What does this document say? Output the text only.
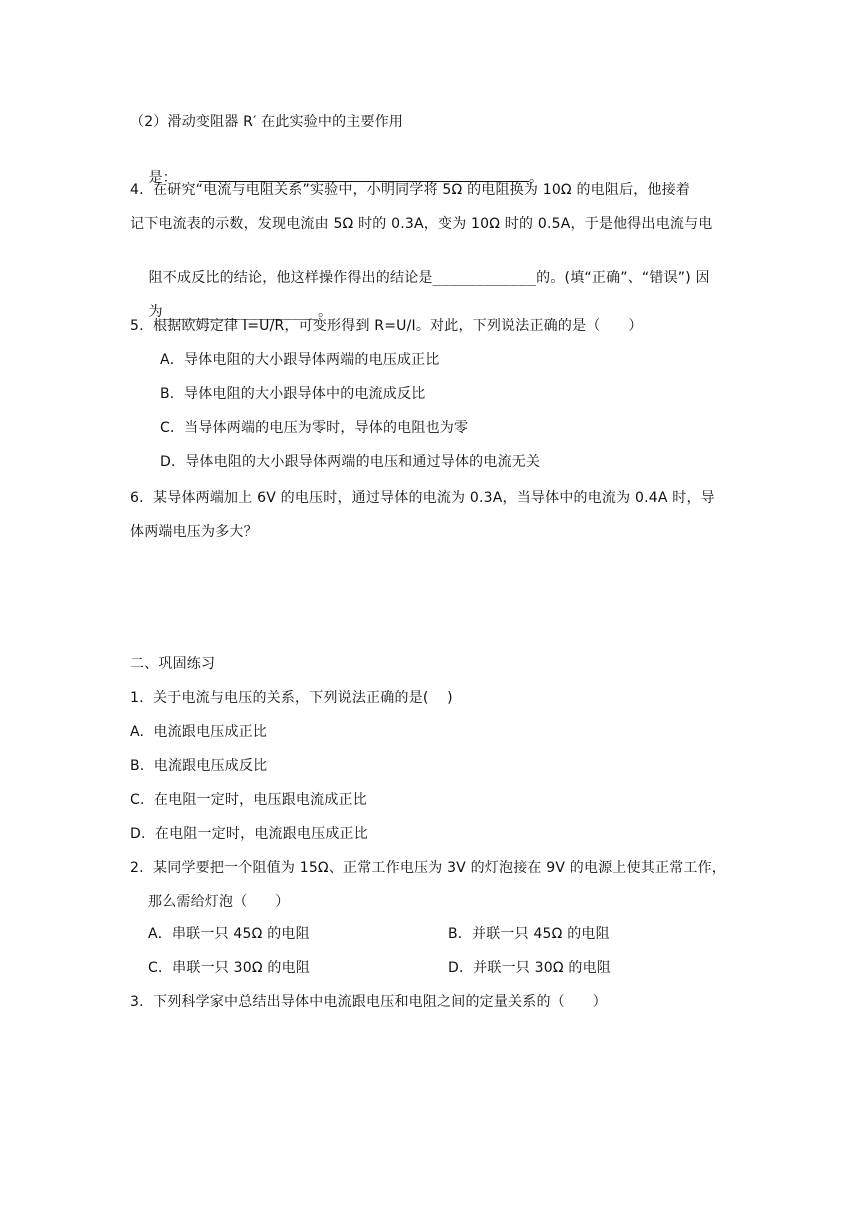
（2）滑动变阻器 R′ 在此实验中的主要作用

是：	。

4.  在研究“电流与电阻关系”实验中，小明同学将 5Ω 的电阻换为 10Ω 的电阻后，他接着
记下电流表的示数，发现电流由 5Ω 时的 0.3A，变为 10Ω 时的 0.5A，于是他得出电流与电

阻不成反比的结论，他这样操作得出的结论是____________的。(填“正确”、“错误”) 因

为__________________。

5.  根据欧姆定律 I=U/R，可变形得到 R=U/I。对此，下列说法正确的是（      ）
A．导体电阻的大小跟导体两端的电压成正比
B．导体电阻的大小跟导体中的电流成反比
C．当导体两端的电压为零时，导体的电阻也为零
D．导体电阻的大小跟导体两端的电压和通过导体的电流无关
6.  某导体两端加上 6V 的电压时，通过导体的电流为 0.3A，当导体中的电流为 0.4A 时，导
体两端电压为多大？
二、巩固练习
1.  关于电流与电压的关系，下列说法正确的是(    )
A.  电流跟电压成正比
B.  电流跟电压成反比
C.  在电阻一定时，电压跟电流成正比
D.  在电阻一定时，电流跟电压成正比
2.  某同学要把一个阻值为 15Ω、正常工作电压为 3V 的灯泡接在 9V 的电源上使其正常工作，
那么需给灯泡（      ）
A．串联一只 45Ω 的电阻	B．并联一只 45Ω 的电阻
C．串联一只 30Ω 的电阻	D．并联一只 30Ω 的电阻
3.  下列科学家中总结出导体中电流跟电压和电阻之间的定量关系的（      ）
